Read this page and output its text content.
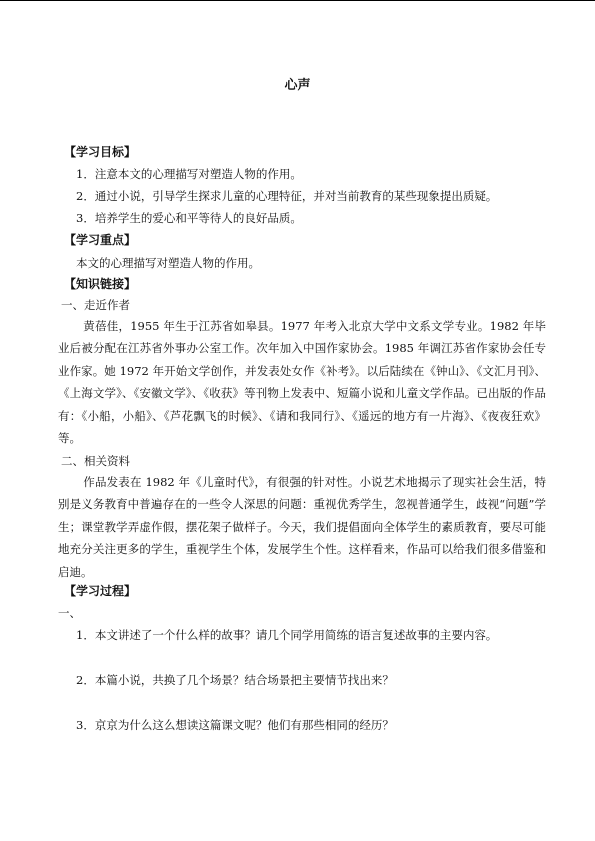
心声
【学习目标】
1．注意本文的心理描写对塑造人物的作用。
2．通过小说，引导学生探求儿童的心理特征，并对当前教育的某些现象提出质疑。
3．培养学生的爱心和平等待人的良好品质。
【学习重点】
本文的心理描写对塑造人物的作用。
【知识链接】
一、走近作者
黄蓓佳，1955 年生于江苏省如皋县。1977 年考入北京大学中文系文学专业。1982 年毕业后被分配在江苏省外事办公室工作。次年加入中国作家协会。1985 年调江苏省作家协会任专业作家。她 1972 年开始文学创作，并发表处女作《补考》。以后陆续在《钟山》、《文汇月刊》、《上海文学》、《安徽文学》、《收获》等刊物上发表中、短篇小说和儿童文学作品。已出版的作品有：《小船，小船》、《芦花飘飞的时候》、《请和我同行》、《遥远的地方有一片海》、《夜夜狂欢》等。
二、相关资料
作品发表在 1982 年《儿童时代》，有很强的针对性。小说艺术地揭示了现实社会生活，特别是义务教育中普遍存在的一些令人深思的问题：重视优秀学生，忽视普通学生，歧视“问题”学生；课堂教学弄虚作假，摆花架子做样子。今天，我们提倡面向全体学生的素质教育，要尽可能地充分关注更多的学生，重视学生个体，发展学生个性。这样看来，作品可以给我们很多借鉴和启迪。
【学习过程】
一、
1．本文讲述了一个什么样的故事？请几个同学用简练的语言复述故事的主要内容。
2．本篇小说，共换了几个场景？结合场景把主要情节找出来？
3．京京为什么这么想读这篇课文呢？他们有那些相同的经历？
